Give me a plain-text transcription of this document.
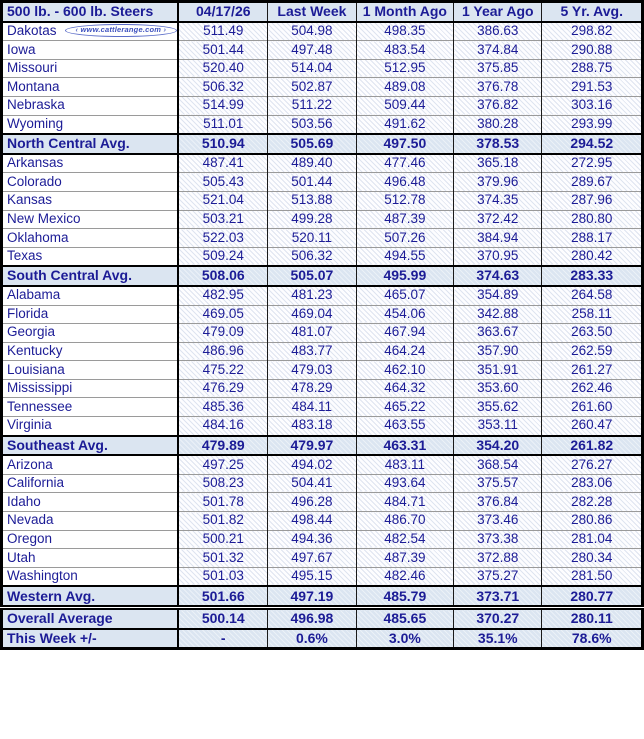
500 lb. - 600 lb. Steers	04/17/26	Last Week	1 Month Ago	1 Year Ago	5 Yr. Avg.
Dakotas ‹ www.cattlerange.com ›	511.49	504.98	498.35	386.63	298.82
Iowa	501.44	497.48	483.54	374.84	290.88
Missouri	520.40	514.04	512.95	375.85	288.75
Montana	506.32	502.87	489.08	376.78	291.53
Nebraska	514.99	511.22	509.44	376.82	303.16
Wyoming	511.01	503.56	491.62	380.28	293.99
North Central Avg.	510.94	505.69	497.50	378.53	294.52
Arkansas	487.41	489.40	477.46	365.18	272.95
Colorado	505.43	501.44	496.48	379.96	289.67
Kansas	521.04	513.88	512.78	374.35	287.96
New Mexico	503.21	499.28	487.39	372.42	280.80
Oklahoma	522.03	520.11	507.26	384.94	288.17
Texas	509.24	506.32	494.55	370.95	280.42
South Central Avg.	508.06	505.07	495.99	374.63	283.33
Alabama	482.95	481.23	465.07	354.89	264.58
Florida	469.05	469.04	454.06	342.88	258.11
Georgia	479.09	481.07	467.94	363.67	263.50
Kentucky	486.96	483.77	464.24	357.90	262.59
Louisiana	475.22	479.03	462.10	351.91	261.27
Mississippi	476.29	478.29	464.32	353.60	262.46
Tennessee	485.36	484.11	465.22	355.62	261.60
Virginia	484.16	483.18	463.55	353.11	260.47
Southeast Avg.	479.89	479.97	463.31	354.20	261.82
Arizona	497.25	494.02	483.11	368.54	276.27
California	508.23	504.41	493.64	375.57	283.06
Idaho	501.78	496.28	484.71	376.84	282.28
Nevada	501.82	498.44	486.70	373.46	280.86
Oregon	500.21	494.36	482.54	373.38	281.04
Utah	501.32	497.67	487.39	372.88	280.34
Washington	501.03	495.15	482.46	375.27	281.50
Western Avg.	501.66	497.19	485.79	373.71	280.77
Overall Average	500.14	496.98	485.65	370.27	280.11
This Week +/-	-	0.6%	3.0%	35.1%	78.6%
